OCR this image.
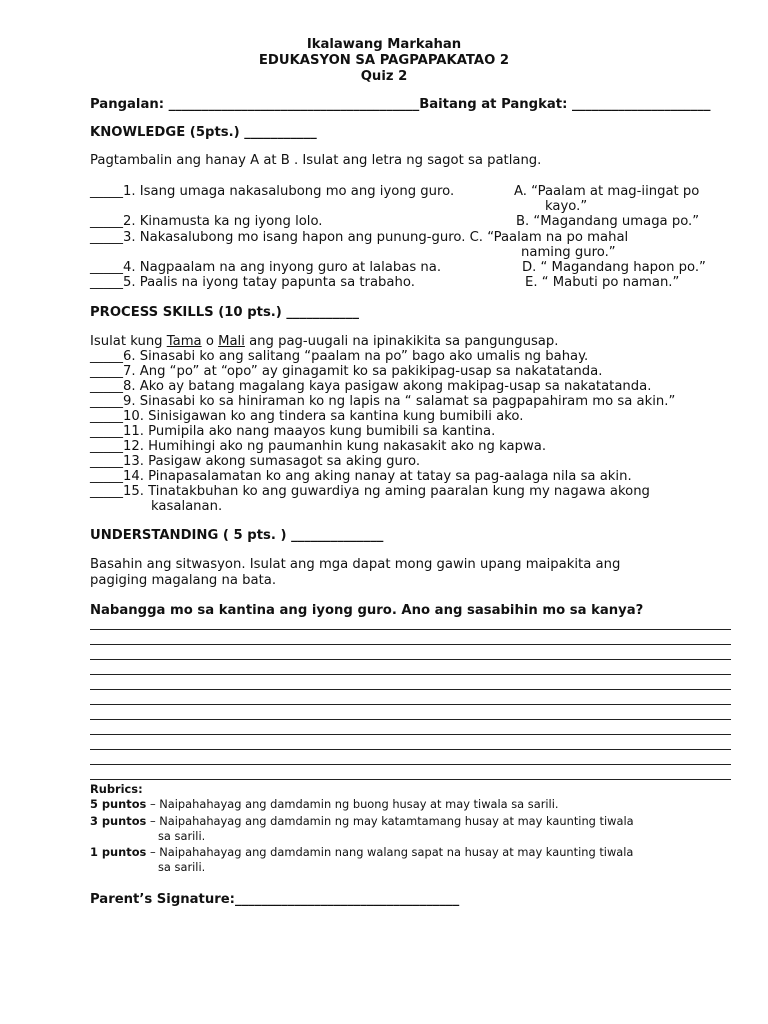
Ikalawang Markahan
EDUKASYON SA PAGPAPAKATAO 2
Quiz 2
Pangalan: ______________________________________Baitang at Pangkat: _____________________
KNOWLEDGE (5pts.) ___________
Pagtambalin ang hanay A at B . Isulat ang letra ng sagot sa patlang.
_____1. Isang umaga nakasalubong mo ang iyong guro.	A. “Paalam at mag-iingat po
kayo.”
_____2. Kinamusta ka ng iyong lolo.	B. “Magandang umaga po.”
_____3. Nakasalubong mo isang hapon ang punung-guro. C. “Paalam na po mahal
naming guro.”
_____4. Nagpaalam na ang inyong guro at lalabas na.	D. “ Magandang hapon po.”
_____5. Paalis na iyong tatay papunta sa trabaho.	E. “ Mabuti po naman.”
PROCESS SKILLS (10 pts.) ___________
Isulat kung Tama o Mali ang pag-uugali na ipinakikita sa pangungusap.
_____6. Sinasabi ko ang salitang “paalam na po” bago ako umalis ng bahay.
_____7. Ang “po” at “opo” ay ginagamit ko sa pakikipag-usap sa nakatatanda.
_____8. Ako ay batang magalang kaya pasigaw akong makipag-usap sa nakatatanda.
_____9. Sinasabi ko sa hiniraman ko ng lapis na “ salamat sa pagpapahiram mo sa akin.”
_____10. Sinisigawan ko ang tindera sa kantina kung bumibili ako.
_____11. Pumipila ako nang maayos kung bumibili sa kantina.
_____12. Humihingi ako ng paumanhin kung nakasakit ako ng kapwa.
_____13. Pasigaw akong sumasagot sa aking guro.
_____14. Pinapasalamatan ko ang aking nanay at tatay sa pag-aalaga nila sa akin.
_____15. Tinatakbuhan ko ang guwardiya ng aming paaralan kung my nagawa akong
kasalanan.
UNDERSTANDING ( 5 pts. ) ______________
Basahin ang sitwasyon. Isulat ang mga dapat mong gawin upang maipakita ang
pagiging magalang na bata.
Nabangga mo sa kantina ang iyong guro. Ano ang sasabihin mo sa kanya?
Rubrics:
5 puntos – Naipahahayag ang damdamin ng buong husay at may tiwala sa sarili.
3 puntos – Naipahahayag ang damdamin ng may katamtamang husay at may kaunting tiwala
sa sarili.
1 puntos – Naipahahayag ang damdamin nang walang sapat na husay at may kaunting tiwala
sa sarili.
Parent’s Signature:__________________________________
